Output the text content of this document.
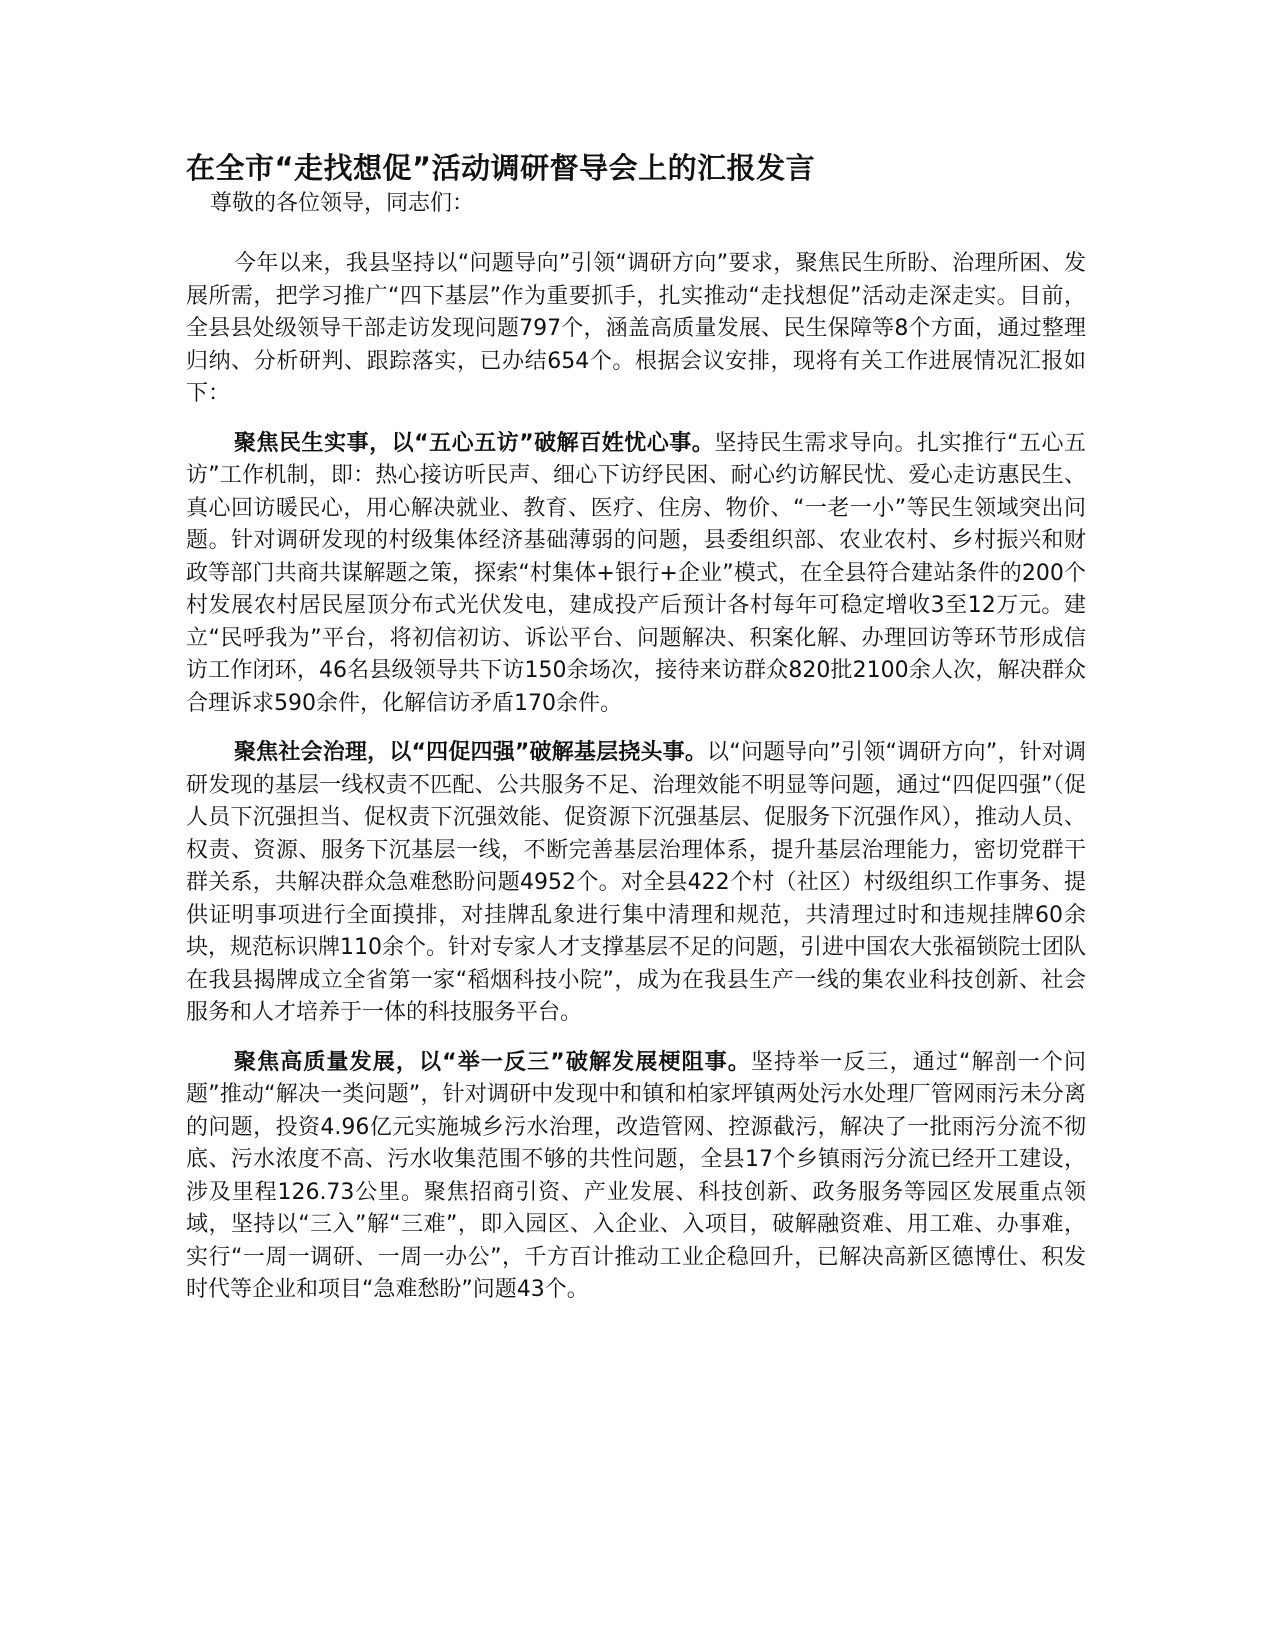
在全市“走找想促”活动调研督导会上的汇报发言

尊敬的各位领导，同志们：

今年以来，我县坚持以“问题导向”引领“调研方向”要求，聚焦民生所盼、治理所困、发展所需，把学习推广“四下基层”作为重要抓手，扎实推动“走找想促”活动走深走实。目前，全县县处级领导干部走访发现问题797个，涵盖高质量发展、民生保障等8个方面，通过整理归纳、分析研判、跟踪落实，已办结654个。根据会议安排，现将有关工作进展情况汇报如下：

聚焦民生实事，以“五心五访”破解百姓忧心事。坚持民生需求导向。扎实推行“五心五访”工作机制，即：热心接访听民声、细心下访纾民困、耐心约访解民忧、爱心走访惠民生、真心回访暖民心，用心解决就业、教育、医疗、住房、物价、“一老一小”等民生领域突出问题。针对调研发现的村级集体经济基础薄弱的问题，县委组织部、农业农村、乡村振兴和财政等部门共商共谋解题之策，探索“村集体+银行+企业”模式，在全县符合建站条件的200个村发展农村居民屋顶分布式光伏发电，建成投产后预计各村每年可稳定增收3至12万元。建立“民呼我为”平台，将初信初访、诉讼平台、问题解决、积案化解、办理回访等环节形成信访工作闭环，46名县级领导共下访150余场次，接待来访群众820批2100余人次，解决群众合理诉求590余件，化解信访矛盾170余件。

聚焦社会治理，以“四促四强”破解基层挠头事。以“问题导向”引领“调研方向”，针对调研发现的基层一线权责不匹配、公共服务不足、治理效能不明显等问题，通过“四促四强”（促人员下沉强担当、促权责下沉强效能、促资源下沉强基层、促服务下沉强作风），推动人员、权责、资源、服务下沉基层一线，不断完善基层治理体系，提升基层治理能力，密切党群干群关系，共解决群众急难愁盼问题4952个。对全县422个村（社区）村级组织工作事务、提供证明事项进行全面摸排，对挂牌乱象进行集中清理和规范，共清理过时和违规挂牌60余块，规范标识牌110余个。针对专家人才支撑基层不足的问题，引进中国农大张福锁院士团队在我县揭牌成立全省第一家“稻烟科技小院”，成为在我县生产一线的集农业科技创新、社会服务和人才培养于一体的科技服务平台。

聚焦高质量发展，以“举一反三”破解发展梗阻事。坚持举一反三，通过“解剖一个问题”推动“解决一类问题”，针对调研中发现中和镇和柏家坪镇两处污水处理厂管网雨污未分离的问题，投资4.96亿元实施城乡污水治理，改造管网、控源截污，解决了一批雨污分流不彻底、污水浓度不高、污水收集范围不够的共性问题，全县17个乡镇雨污分流已经开工建设，涉及里程126.73公里。聚焦招商引资、产业发展、科技创新、政务服务等园区发展重点领域，坚持以“三入”解“三难”，即入园区、入企业、入项目，破解融资难、用工难、办事难，实行“一周一调研、一周一办公”，千方百计推动工业企稳回升，已解决高新区德博仕、积发时代等企业和项目“急难愁盼”问题43个。
